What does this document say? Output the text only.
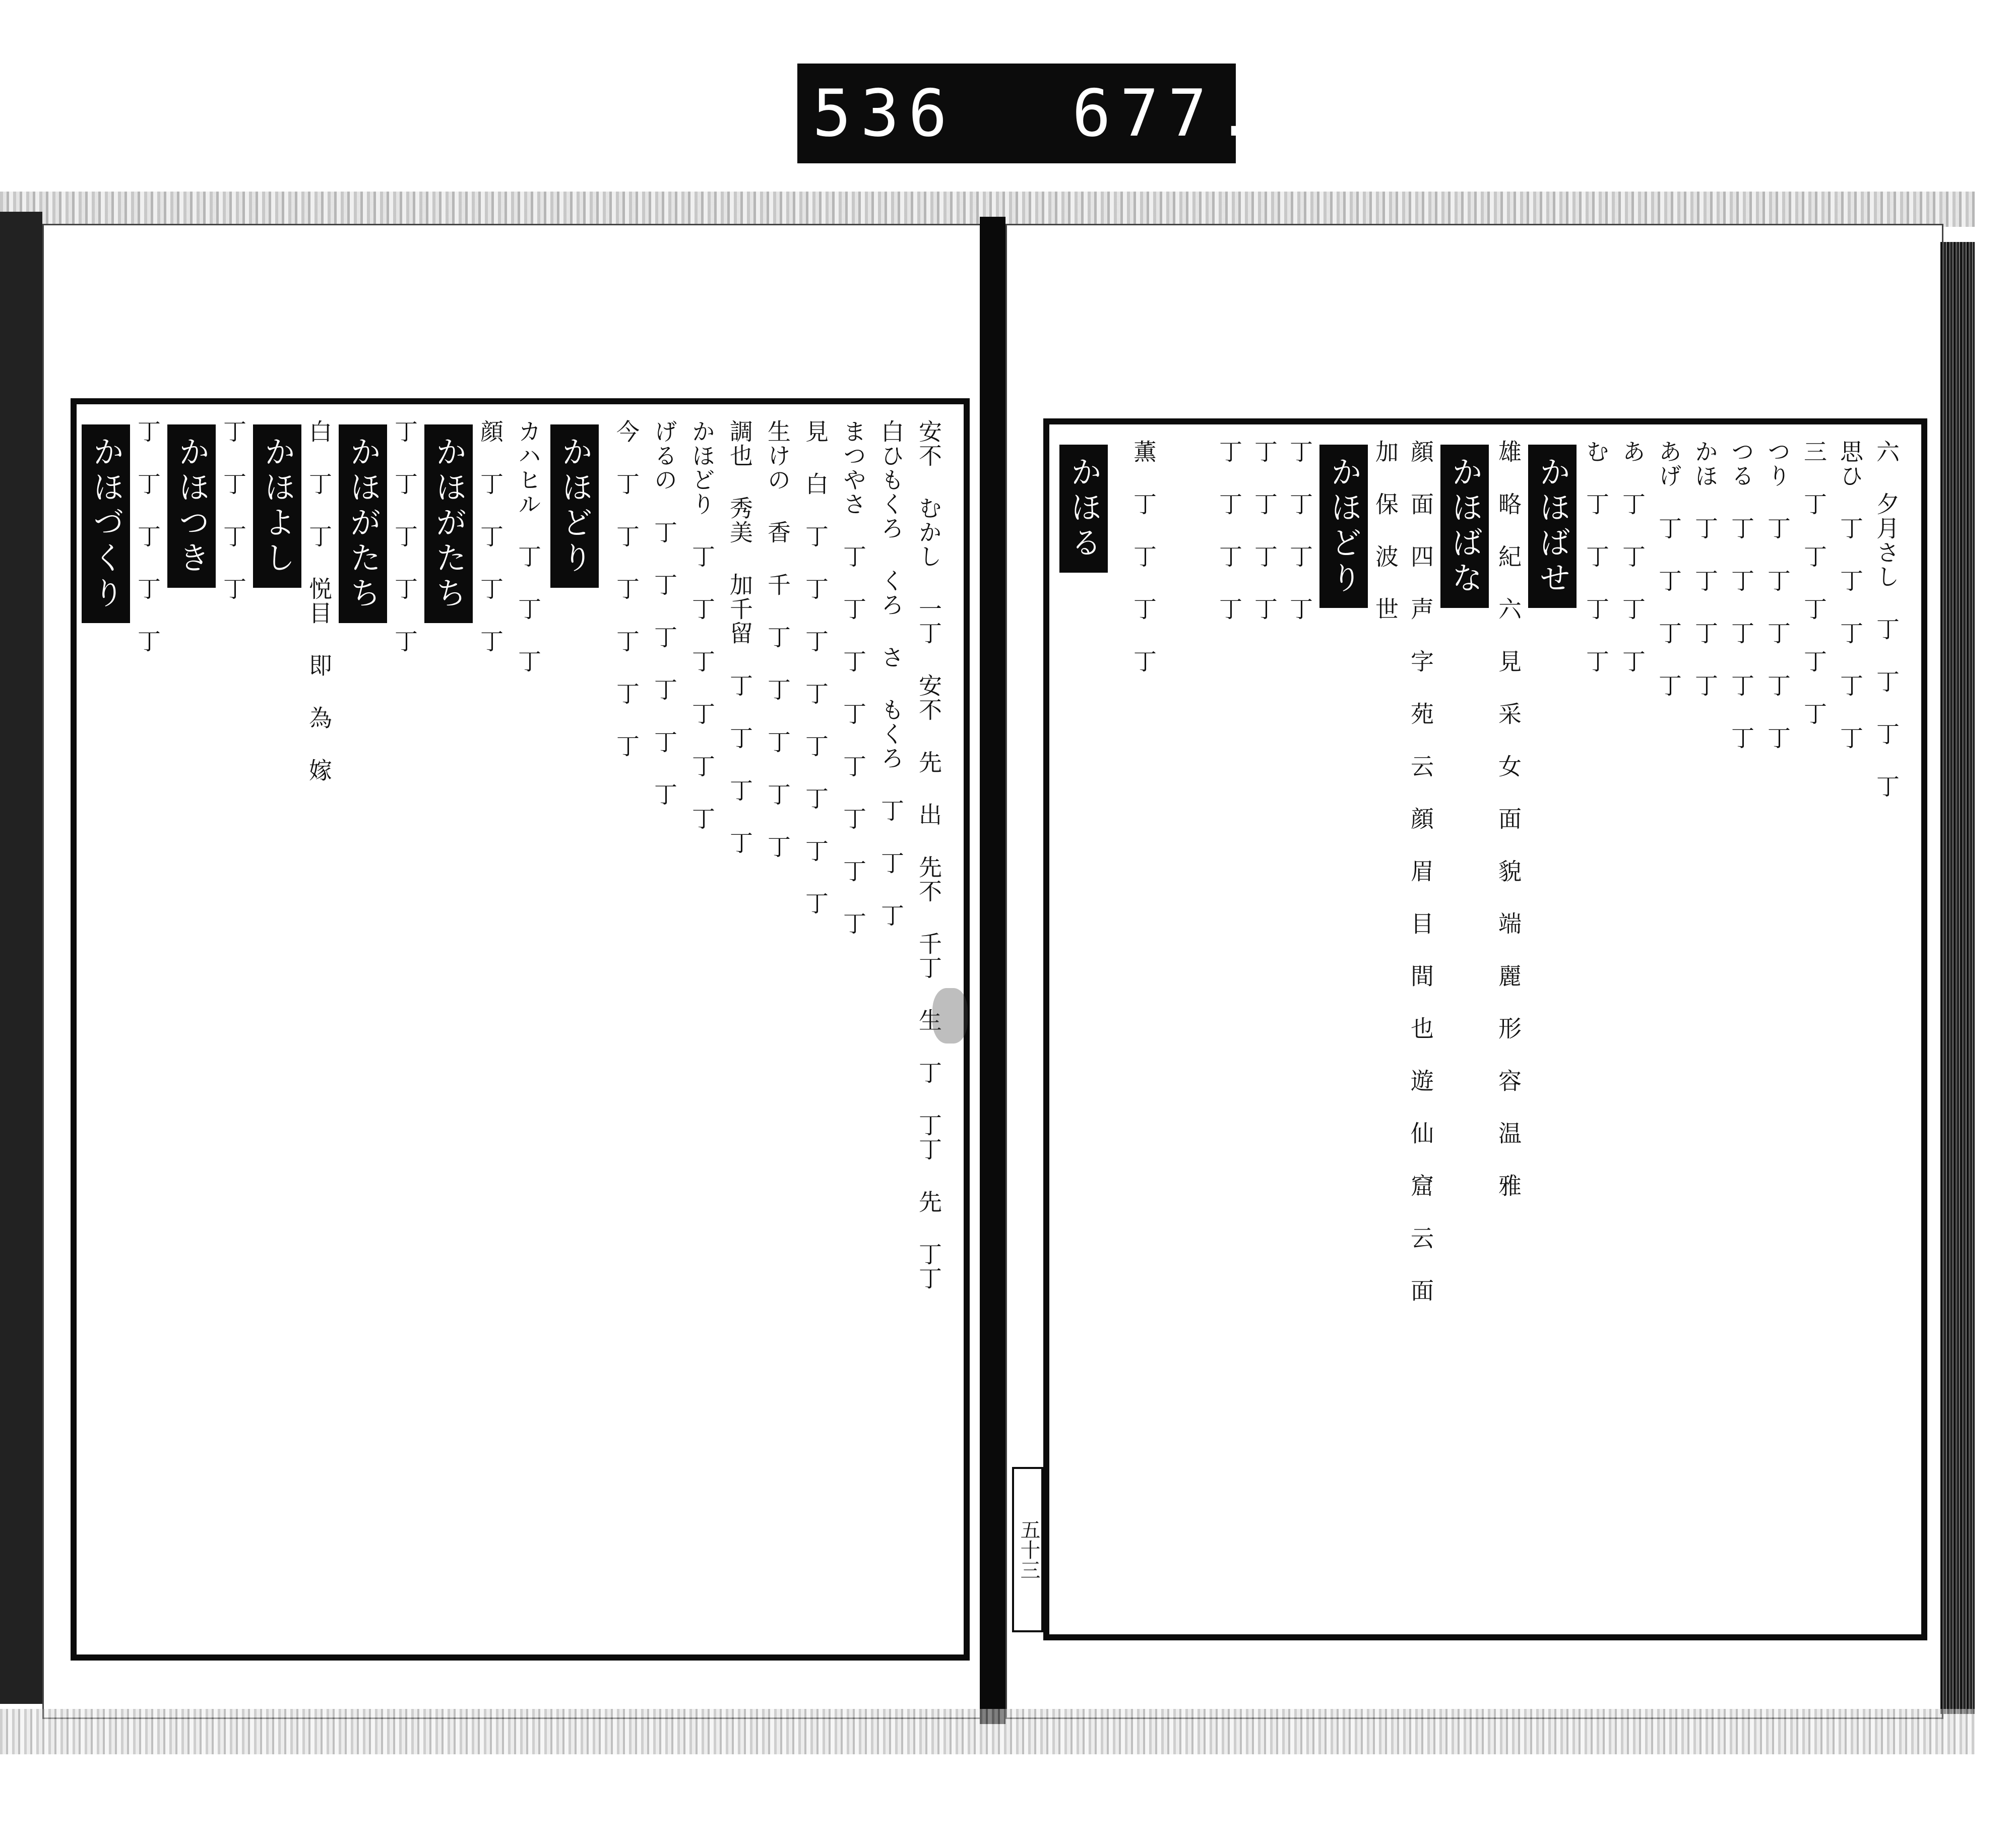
536 677.
安不 むかし 一丁 安不 先 出 先不 千丁 生 丁 丁丁 先 丁丁
白ひもくろ くろ さ もくろ 丁 丁 丁
まつやさ 丁 丁 丁 丁 丁 丁 丁 丁
見 白 丁 丁 丁 丁 丁 丁 丁 丁
生けの 香 千 丁 丁 丁 丁 丁
調也 秀美 加千留 丁 丁 丁 丁
かほどり 丁 丁 丁 丁 丁 丁
げるの 丁 丁 丁 丁 丁 丁
今 丁 丁 丁 丁 丁 丁
かほどり
カハヒル 丁 丁 丁
顔 丁 丁 丁 丁
かほがたち
丁 丁 丁 丁 丁
かほがたち
白 丁 丁 悦目 即 為 嫁
かほよし
丁 丁 丁 丁
かほつき
丁 丁 丁 丁 丁
かほづくり	六 夕月さし 丁 丁 丁 丁
思ひ 丁 丁 丁 丁 丁
三 丁 丁 丁 丁 丁
つり 丁 丁 丁 丁 丁
つる 丁 丁 丁 丁 丁
かほ 丁 丁 丁 丁
あげ 丁 丁 丁 丁
あ 丁 丁 丁 丁
む 丁 丁 丁 丁
かほばせ
雄 略 紀 六 見 采 女 面 貌 端 麗 形 容 温 雅
かほばな
顔 面 四 声 字 苑 云 顔 眉 目 間 也 遊 仙 窟 云 面
加 保 波 世
かほどり
丁 丁 丁 丁
丁 丁 丁 丁
丁 丁 丁 丁
かほる 薫 丁 丁 丁 丁
五十三
